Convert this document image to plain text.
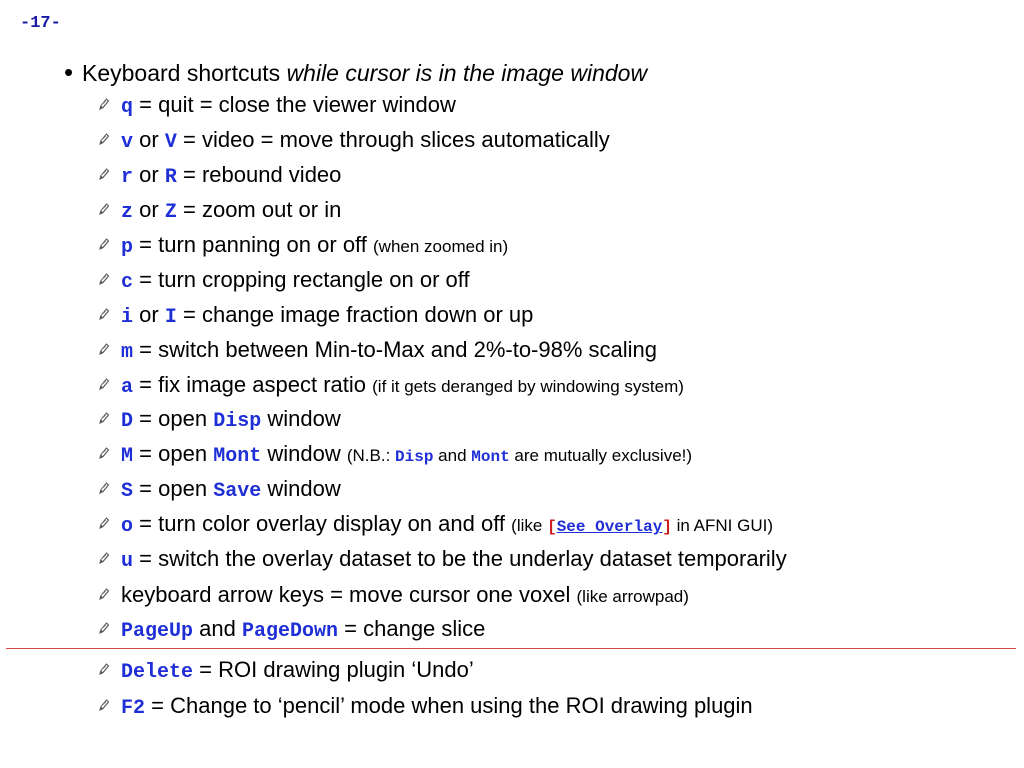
-17-
• Keyboard shortcuts while cursor is in the image window
q = quit = close the viewer window
v or V = video = move through slices automatically
r or R = rebound video
z or Z = zoom out or in
p = turn panning on or off (when zoomed in)
c = turn cropping rectangle on or off
i or I = change image fraction down or up
m = switch between Min-to-Max and 2%-to-98% scaling
a = fix image aspect ratio (if it gets deranged by windowing system)
D = open Disp window
M = open Mont window (N.B.: Disp and Mont are mutually exclusive!)
S = open Save window
o = turn color overlay display on and off (like [See Overlay] in AFNI GUI)
u = switch the overlay dataset to be the underlay dataset temporarily
keyboard arrow keys = move cursor one voxel (like arrowpad)
PageUp and PageDown = change slice
Delete = ROI drawing plugin ‘Undo’
F2 = Change to ‘pencil’ mode when using the ROI drawing plugin
